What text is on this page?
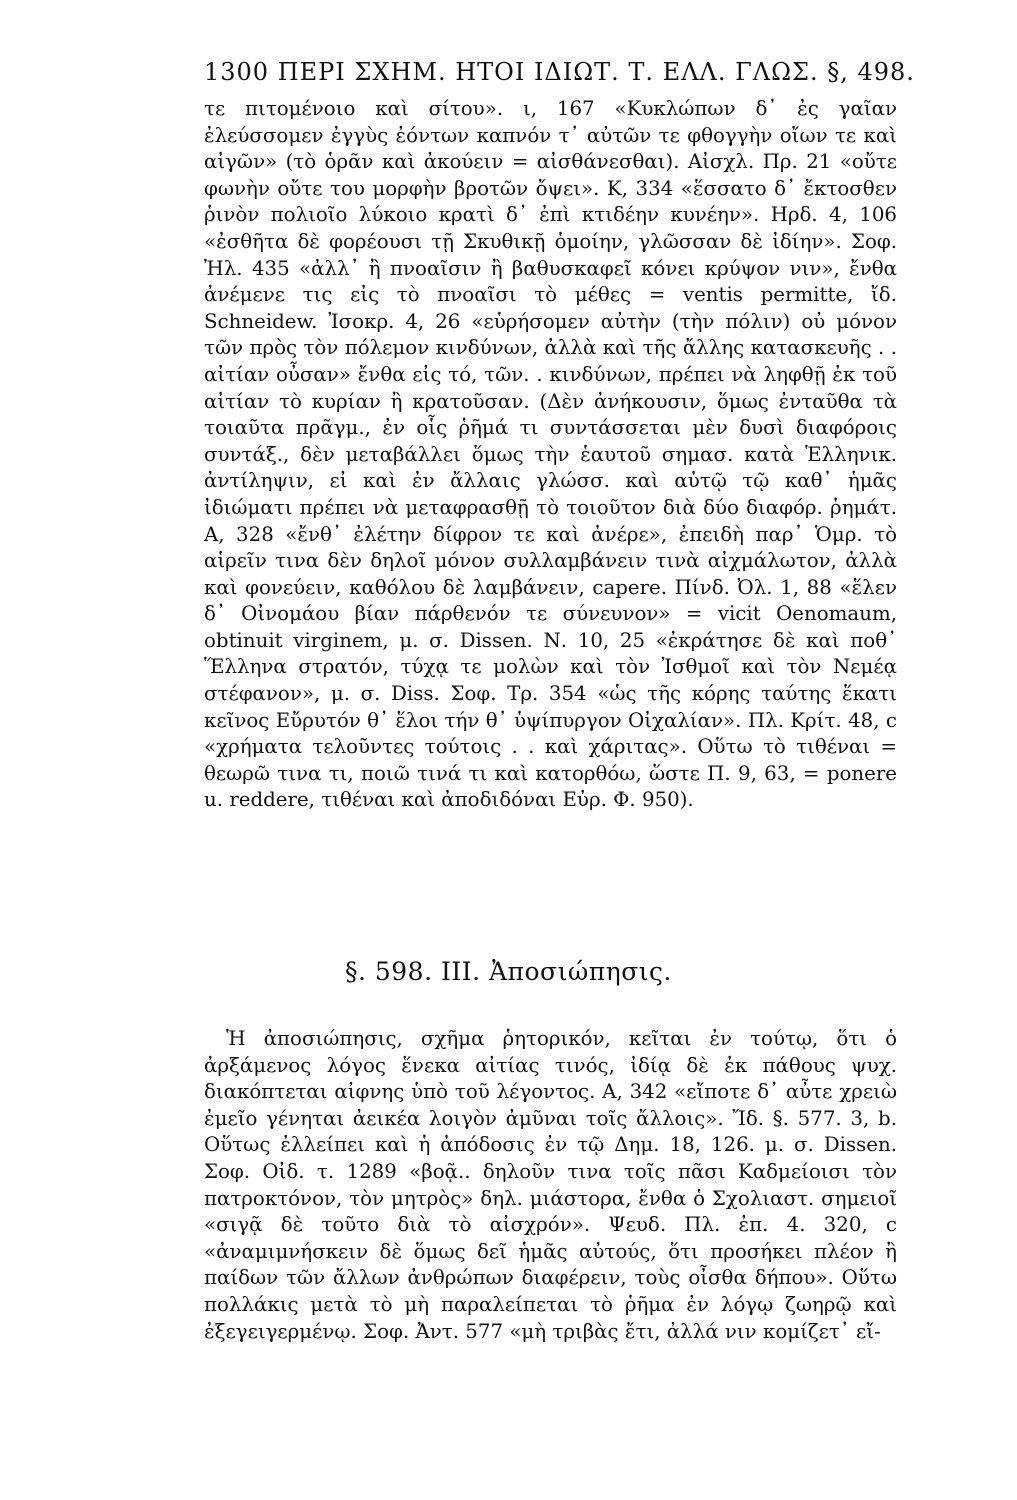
1300 ΠΕΡΙ ΣΧΗΜ. ΗΤΟΙ ΙΔΙΩΤ. Τ. ΕΛΛ. ΓΛΩΣ. §, 498.

τε πιτομένοιο καὶ σίτου». ι, 167 «Κυκλώπων δ᾽ ἐς γαῖαν ἐλεύσσομεν ἐγγὺς ἐόντων καπνόν τ᾽ αὐτῶν τε φθογγὴν οἴων τε καὶ αἰγῶν» (τὸ ὁρᾶν καὶ ἀκούειν = αἰσθάνεσθαι). Αἰσχλ. Πρ. 21 «οὔτε φωνὴν οὔτε του μορφὴν βροτῶν ὄψει». Κ, 334 «ἕσσατο δ᾽ ἔκτοσθεν ῥινὸν πολιοῖο λύκοιο κρατὶ δ᾽ ἐπὶ κτιδέην κυνέην». Ηρδ. 4, 106 «ἐσθῆτα δὲ φορέουσι τῇ Σκυθικῇ ὁμοίην, γλῶσσαν δὲ ἰδίην». Σοφ. Ἠλ. 435 «ἀλλ᾽ ἢ πνοαῖσιν ἢ βαθυσκαφεῖ κόνει κρύψον νιν», ἔνθα ἀνέμενε τις εἰς τὸ πνοαῖσι τὸ μέθες = ventis permitte, ἴδ. Schneidew. Ἰσοκρ. 4, 26 «εὑρήσομεν αὐτὴν (τὴν πόλιν) οὐ μόνον τῶν πρὸς τὸν πόλεμον κινδύνων, ἀλλὰ καὶ τῆς ἄλλης κατασκευῆς . . αἰτίαν οὖσαν» ἔνθα εἰς τό, τῶν. . κινδύνων, πρέπει νὰ ληφθῇ ἐκ τοῦ αἰτίαν τὸ κυρίαν ἢ κρατοῦσαν. (Δὲν ἀνήκουσιν, ὅμως ἐνταῦθα τὰ τοιαῦτα πρᾶγμ., ἐν οἷς ῥῆμά τι συντάσσεται μὲν δυσὶ διαφόροις συντάξ., δὲν μεταβάλλει ὅμως τὴν ἑαυτοῦ σημασ. κατὰ Ἑλληνικ. ἀντίληψιν, εἰ καὶ ἐν ἄλλαις γλώσσ. καὶ αὐτῷ τῷ καθ᾽ ἡμᾶς ἰδιώματι πρέπει νὰ μεταφρασθῇ τὸ τοιοῦτον διὰ δύο διαφόρ. ῥημάτ. Α, 328 «ἔνθ᾽ ἐλέτην δίφρον τε καὶ ἀνέρε», ἐπειδὴ παρ᾽ Ὁμρ. τὸ αἱρεῖν τινα δὲν δηλοῖ μόνον συλλαμβάνειν τινὰ αἰχμάλωτον, ἀλλὰ καὶ φονεύειν, καθόλου δὲ λαμβάνειν, capere. Πίνδ. Ὀλ. 1, 88 «ἕλεν δ᾽ Οἰνομάου βίαν πάρθενόν τε σύνευνον» = vicit Oenomaum, obtinuit virginem, μ. σ. Dissen. Ν. 10, 25 «ἐκράτησε δὲ καὶ ποθ᾽ Ἕλληνα στρατόν, τύχᾳ τε μολὼν καὶ τὸν Ἰσθμοῖ καὶ τὸν Νεμέᾳ στέφανον», μ. σ. Diss. Σοφ. Τρ. 354 «ὡς τῆς κόρης ταύτης ἕκατι κεῖνος Εὔρυτόν θ᾽ ἕλοι τήν θ᾽ ὑψίπυργον Οἰχαλίαν». Πλ. Κρίτ. 48, c «χρήματα τελοῦντες τούτοις . . καὶ χάριτας». Οὕτω τὸ τιθέναι = θεωρῶ τινα τι, ποιῶ τινά τι καὶ κατορθόω, ὥστε Π. 9, 63, = ponere u. reddere, τιθέναι καὶ ἀποδιδόναι Εὐρ. Φ. 950).

§. 598. III. Ἀποσιώπησις.

Ἡ ἀποσιώπησις, σχῆμα ῥητορικόν, κεῖται ἐν τούτῳ, ὅτι ὁ ἀρξάμενος λόγος ἕνεκα αἰτίας τινός, ἰδίᾳ δὲ ἐκ πάθους ψυχ. διακόπτεται αἰφνης ὑπὸ τοῦ λέγοντος. Α, 342 «εἴποτε δ᾽ αὖτε χρειὼ ἐμεῖο γένηται ἀεικέα λοιγὸν ἀμῦναι τοῖς ἄλλοις». Ἴδ. §. 577. 3, b. Οὕτως ἐλλείπει καὶ ἡ ἀπόδοσις ἐν τῷ Δημ. 18, 126. μ. σ. Dissen. Σοφ. Οἰδ. τ. 1289 «βοᾷ.. δηλοῦν τινα τοῖς πᾶσι Καδμείοισι τὸν πατροκτόνον, τὸν μητρὸς» δηλ. μιάστορα, ἔνθα ὁ Σχολιαστ. σημειοῖ «σιγᾷ δὲ τοῦτο διὰ τὸ αἰσχρόν». Ψευδ. Πλ. ἐπ. 4. 320, c «ἀναμιμνήσκειν δὲ ὅμως δεῖ ἡμᾶς αὐτούς, ὅτι προσήκει πλέον ἢ παίδων τῶν ἄλλων ἀνθρώπων διαφέρειν, τοὺς οἶσθα δήπου». Οὕτω πολλάκις μετὰ τὸ μὴ παραλείπεται τὸ ῥῆμα ἐν λόγῳ ζωηρῷ καὶ ἐξεγειγερμένῳ. Σοφ. Ἀντ. 577 «μὴ τριβὰς ἔτι, ἀλλά νιν κομίζετ᾽ εἴ-
